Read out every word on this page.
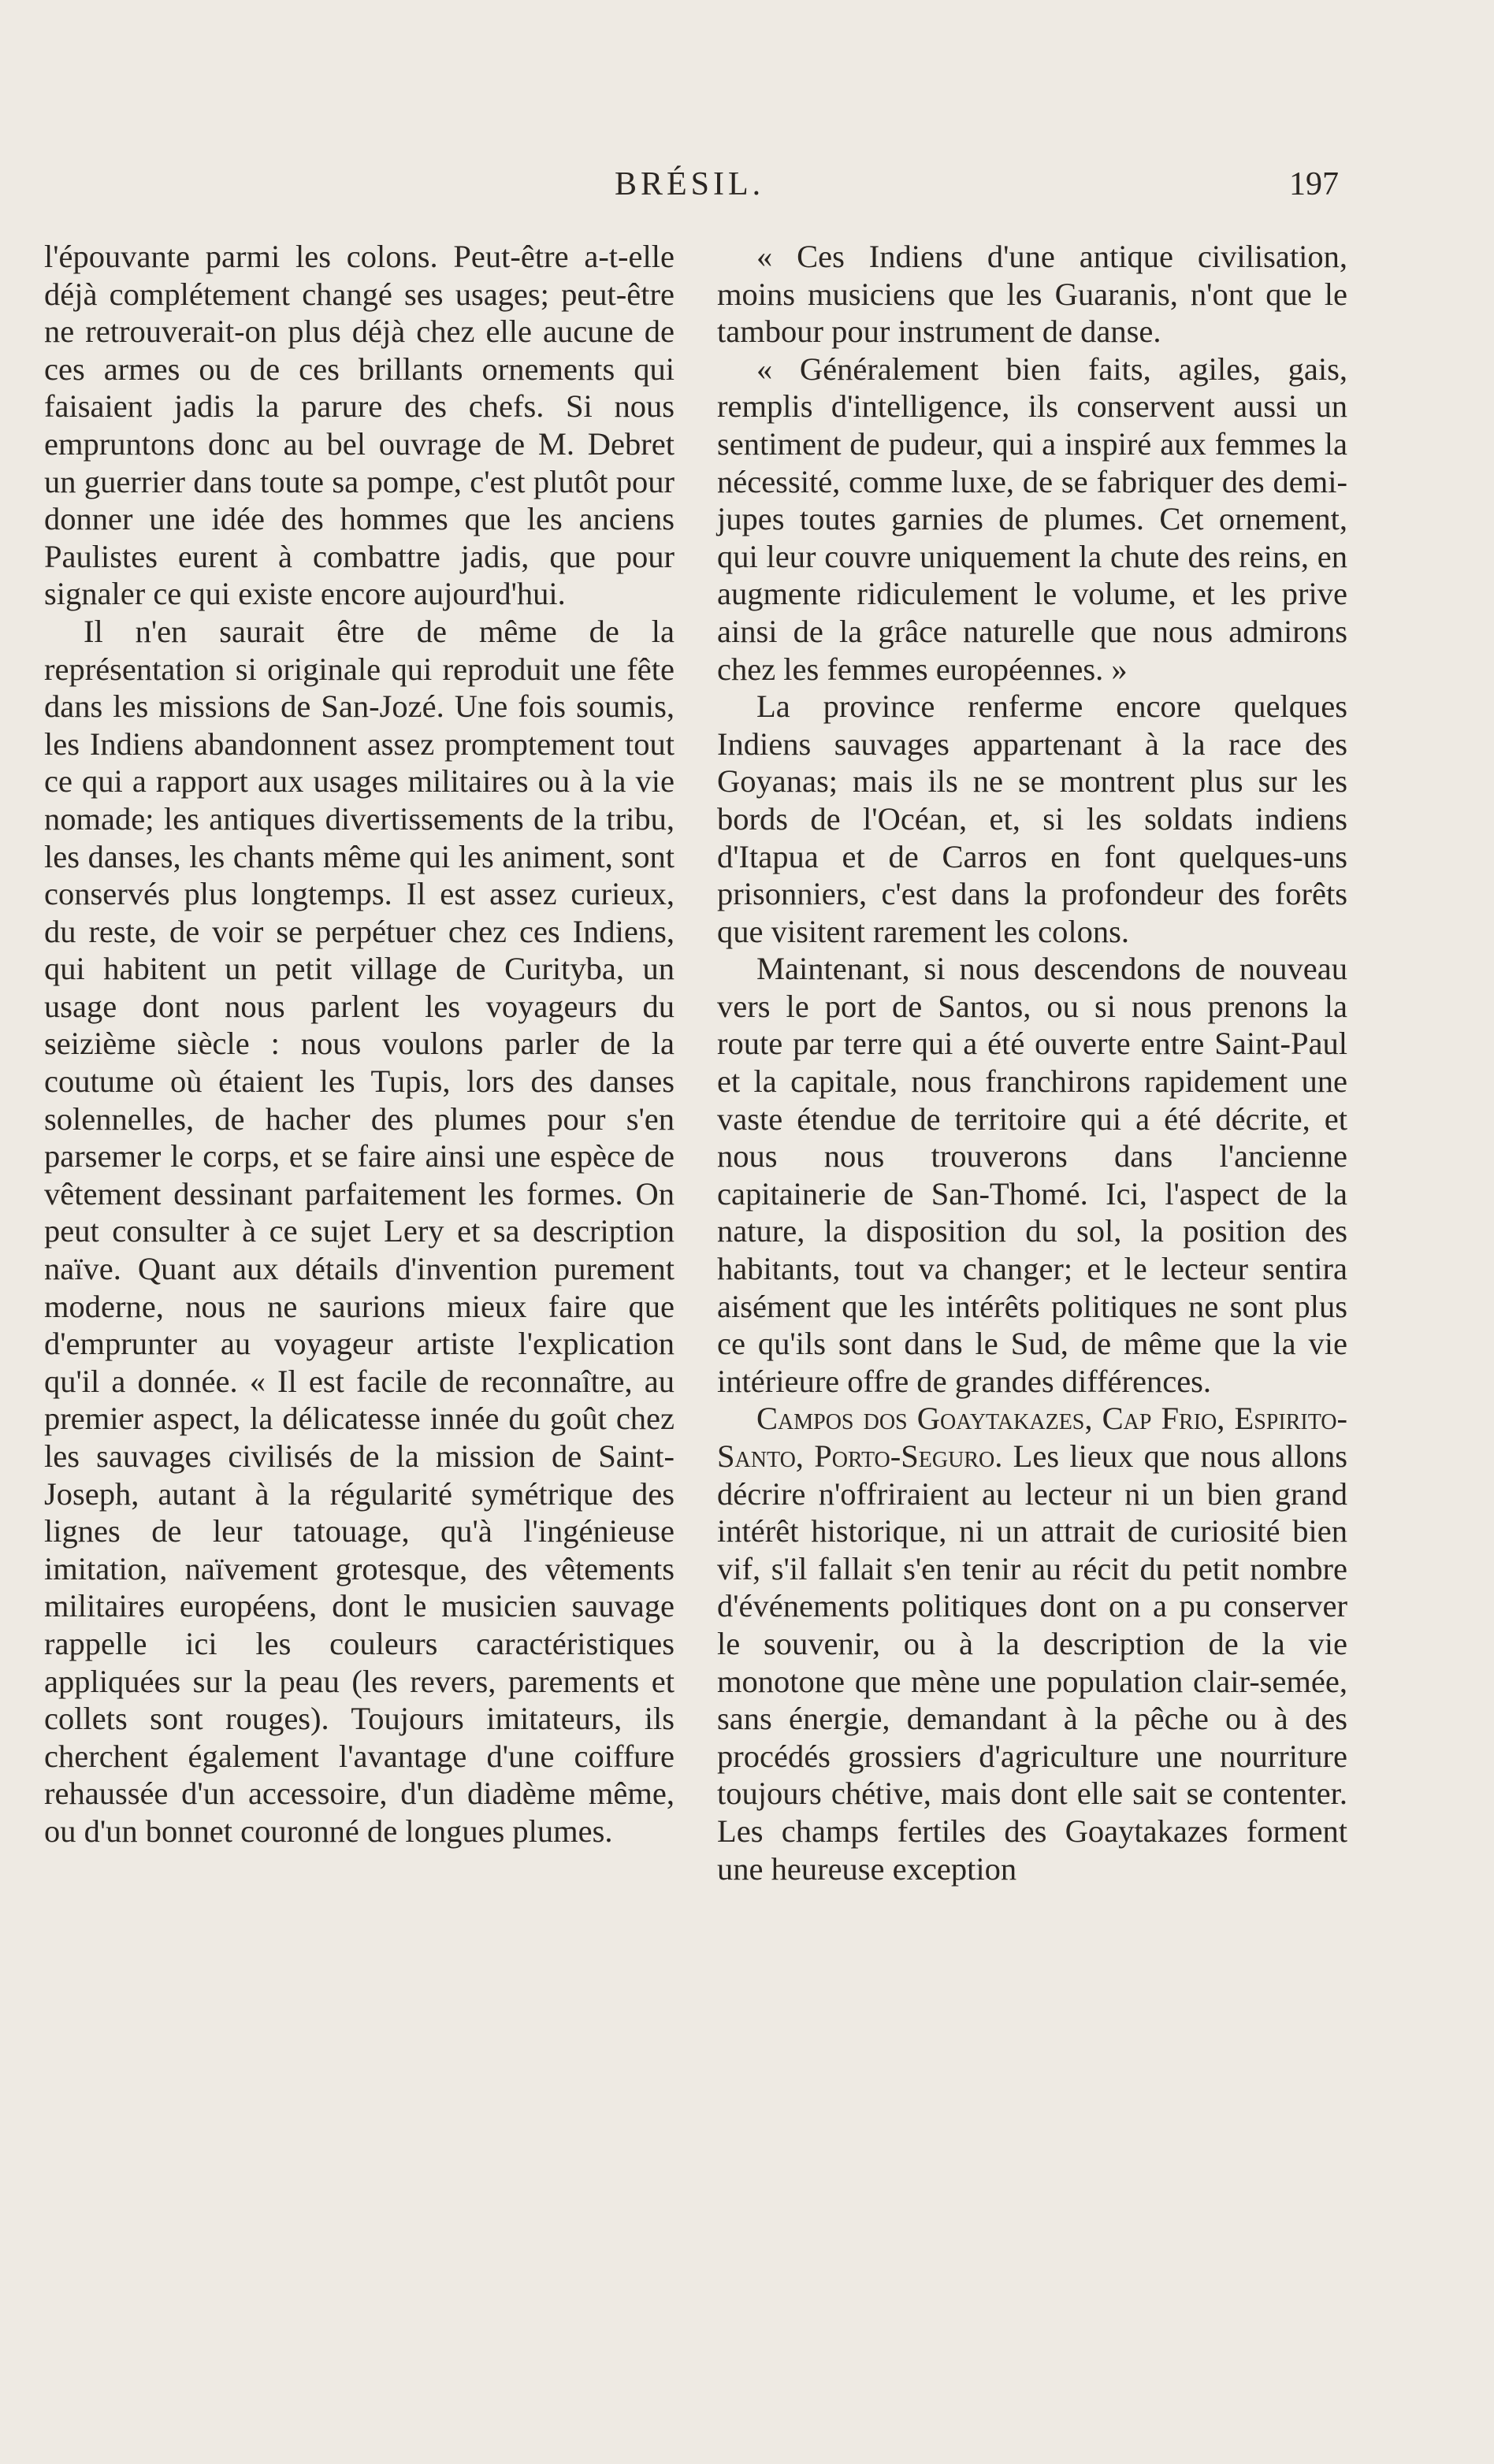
BRÉSIL.	197

l'épouvante parmi les colons. Peut-être a-t-elle déjà complétement changé ses usages; peut-être ne retrouverait-on plus déjà chez elle aucune de ces armes ou de ces brillants ornements qui faisaient jadis la parure des chefs. Si nous empruntons donc au bel ouvrage de M. Debret un guerrier dans toute sa pompe, c'est plutôt pour donner une idée des hommes que les anciens Paulistes eurent à combattre jadis, que pour signaler ce qui existe encore aujourd'hui.

Il n'en saurait être de même de la représentation si originale qui reproduit une fête dans les missions de San-Jozé. Une fois soumis, les Indiens abandonnent assez promptement tout ce qui a rapport aux usages militaires ou à la vie nomade; les antiques divertissements de la tribu, les danses, les chants même qui les animent, sont conservés plus longtemps. Il est assez curieux, du reste, de voir se perpétuer chez ces Indiens, qui habitent un petit village de Curityba, un usage dont nous parlent les voyageurs du seizième siècle : nous voulons parler de la coutume où étaient les Tupis, lors des danses solennelles, de hacher des plumes pour s'en parsemer le corps, et se faire ainsi une espèce de vêtement dessinant parfaitement les formes. On peut consulter à ce sujet Lery et sa description naïve. Quant aux détails d'invention purement moderne, nous ne saurions mieux faire que d'emprunter au voyageur artiste l'explication qu'il a donnée. « Il est facile de reconnaître, au premier aspect, la délicatesse innée du goût chez les sauvages civilisés de la mission de Saint-Joseph, autant à la régularité symétrique des lignes de leur tatouage, qu'à l'ingénieuse imitation, naïvement grotesque, des vêtements militaires européens, dont le musicien sauvage rappelle ici les couleurs caractéristiques appliquées sur la peau (les revers, parements et collets sont rouges). Toujours imitateurs, ils cherchent également l'avantage d'une coiffure rehaussée d'un accessoire, d'un diadème même, ou d'un bonnet couronné de longues plumes.

« Ces Indiens d'une antique civilisation, moins musiciens que les Guaranis, n'ont que le tambour pour instrument de danse.

« Généralement bien faits, agiles, gais, remplis d'intelligence, ils conservent aussi un sentiment de pudeur, qui a inspiré aux femmes la nécessité, comme luxe, de se fabriquer des demi-jupes toutes garnies de plumes. Cet ornement, qui leur couvre uniquement la chute des reins, en augmente ridiculement le volume, et les prive ainsi de la grâce naturelle que nous admirons chez les femmes européennes. »

La province renferme encore quelques Indiens sauvages appartenant à la race des Goyanas; mais ils ne se montrent plus sur les bords de l'Océan, et, si les soldats indiens d'Itapua et de Carros en font quelques-uns prisonniers, c'est dans la profondeur des forêts que visitent rarement les colons.

Maintenant, si nous descendons de nouveau vers le port de Santos, ou si nous prenons la route par terre qui a été ouverte entre Saint-Paul et la capitale, nous franchirons rapidement une vaste étendue de territoire qui a été décrite, et nous nous trouverons dans l'ancienne capitainerie de San-Thomé. Ici, l'aspect de la nature, la disposition du sol, la position des habitants, tout va changer; et le lecteur sentira aisément que les intérêts politiques ne sont plus ce qu'ils sont dans le Sud, de même que la vie intérieure offre de grandes différences.

Campos dos Goaytakazes, Cap Frio, Espirito-Santo, Porto-Seguro. Les lieux que nous allons décrire n'offriraient au lecteur ni un bien grand intérêt historique, ni un attrait de curiosité bien vif, s'il fallait s'en tenir au récit du petit nombre d'événements politiques dont on a pu conserver le souvenir, ou à la description de la vie monotone que mène une population clair-semée, sans énergie, demandant à la pêche ou à des procédés grossiers d'agriculture une nourriture toujours chétive, mais dont elle sait se contenter. Les champs fertiles des Goaytakazes forment une heureuse exception
